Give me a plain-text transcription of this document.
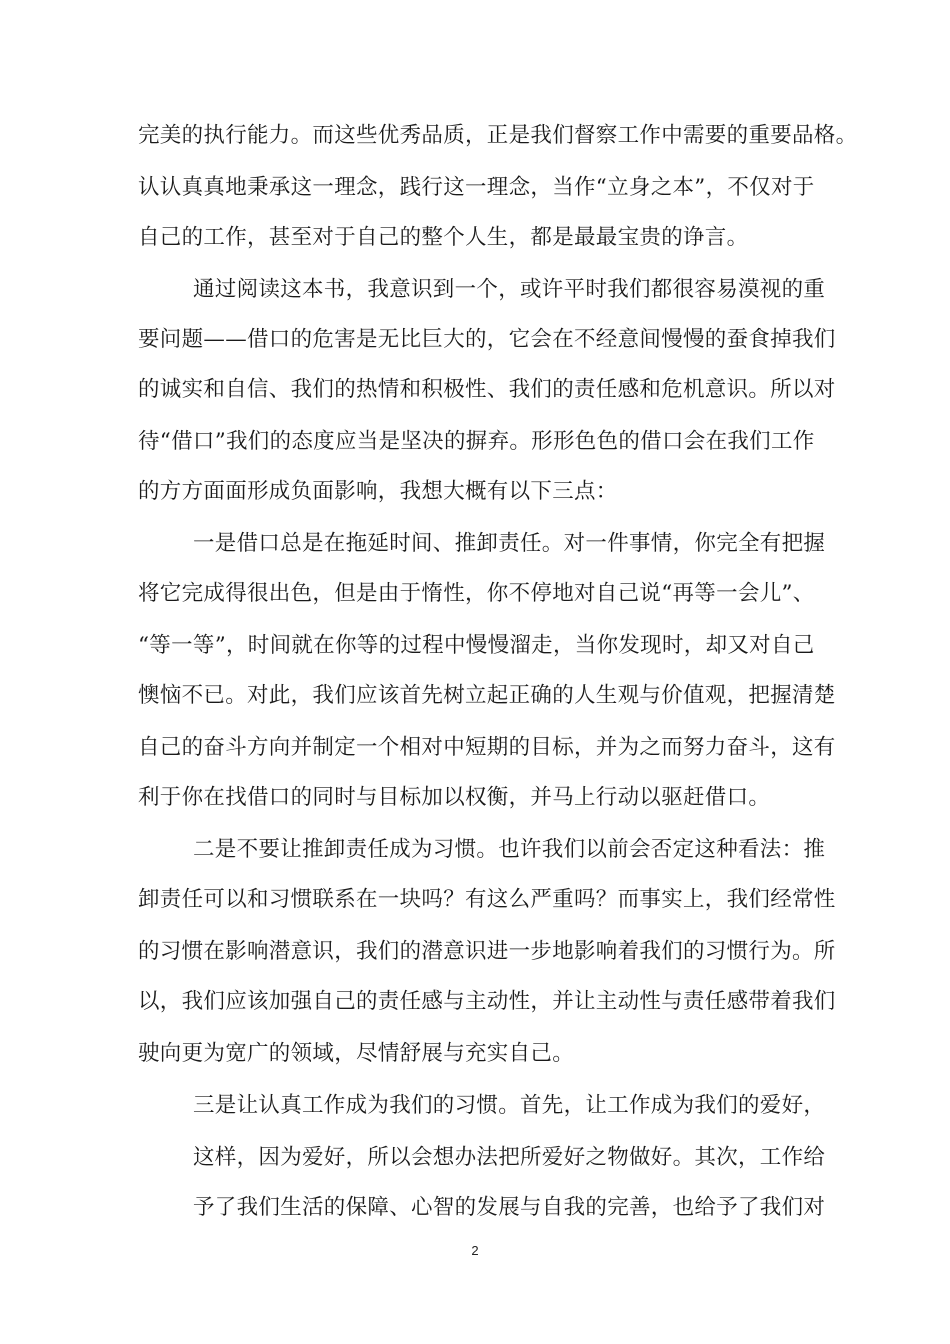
完美的执行能力。而这些优秀品质，正是我们督察工作中需要的重要品格。
认认真真地秉承这一理念，践行这一理念，当作“立身之本”，不仅对于
自己的工作，甚至对于自己的整个人生，都是最最宝贵的诤言。
通过阅读这本书，我意识到一个，或许平时我们都很容易漠视的重
要问题——借口的危害是无比巨大的，它会在不经意间慢慢的蚕食掉我们
的诚实和自信、我们的热情和积极性、我们的责任感和危机意识。所以对
待“借口”我们的态度应当是坚决的摒弃。形形色色的借口会在我们工作
的方方面面形成负面影响，我想大概有以下三点：
一是借口总是在拖延时间、推卸责任。对一件事情，你完全有把握
将它完成得很出色，但是由于惰性，你不停地对自己说“再等一会儿”、
“等一等”，时间就在你等的过程中慢慢溜走，当你发现时，却又对自己
懊恼不已。对此，我们应该首先树立起正确的人生观与价值观，把握清楚
自己的奋斗方向并制定一个相对中短期的目标，并为之而努力奋斗，这有
利于你在找借口的同时与目标加以权衡，并马上行动以驱赶借口。
二是不要让推卸责任成为习惯。也许我们以前会否定这种看法：推
卸责任可以和习惯联系在一块吗？有这么严重吗？而事实上，我们经常性
的习惯在影响潜意识，我们的潜意识进一步地影响着我们的习惯行为。所
以，我们应该加强自己的责任感与主动性，并让主动性与责任感带着我们
驶向更为宽广的领域，尽情舒展与充实自己。
三是让认真工作成为我们的习惯。首先，让工作成为我们的爱好，
这样，因为爱好，所以会想办法把所爱好之物做好。其次，工作给
予了我们生活的保障、心智的发展与自我的完善，也给予了我们对
2
